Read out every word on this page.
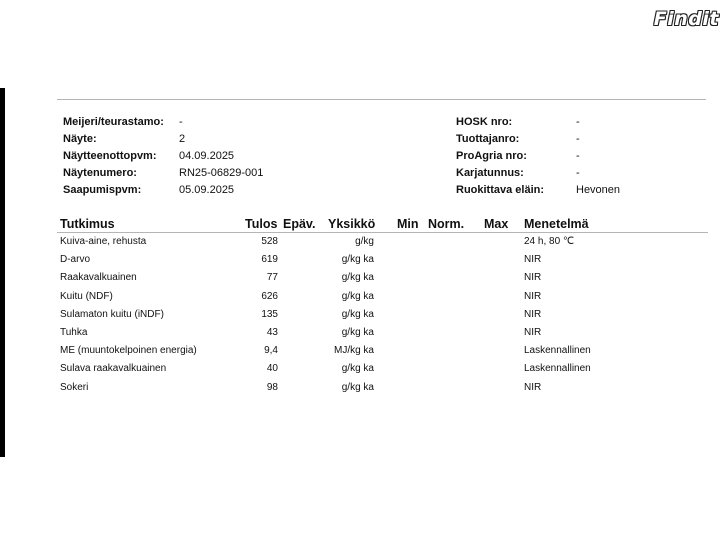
Findit
Meijeri/teurastamo:	-
Näyte:	2
Näytteenottopvm:	04.09.2025
Näytenumero:	RN25-06829-001
Saapumispvm:	05.09.2025
HOSK nro:	-
Tuottajanro:	-
ProAgria nro:	-
Karjatunnus:	-
Ruokittava eläin:	Hevonen
Tutkimus	Tulos Epäv. Yksikkö Min Norm. Max Menetelmä
Kuiva-aine, rehusta	528	g/kg	24 h, 80 ℃
D-arvo	619	g/kg ka	NIR
Raakavalkuainen	77	g/kg ka	NIR
Kuitu (NDF)	626	g/kg ka	NIR
Sulamaton kuitu (iNDF)	135	g/kg ka	NIR
Tuhka	43	g/kg ka	NIR
ME (muuntokelpoinen energia)	9,4	MJ/kg ka	Laskennallinen
Sulava raakavalkuainen	40	g/kg ka	Laskennallinen
Sokeri	98	g/kg ka	NIR
